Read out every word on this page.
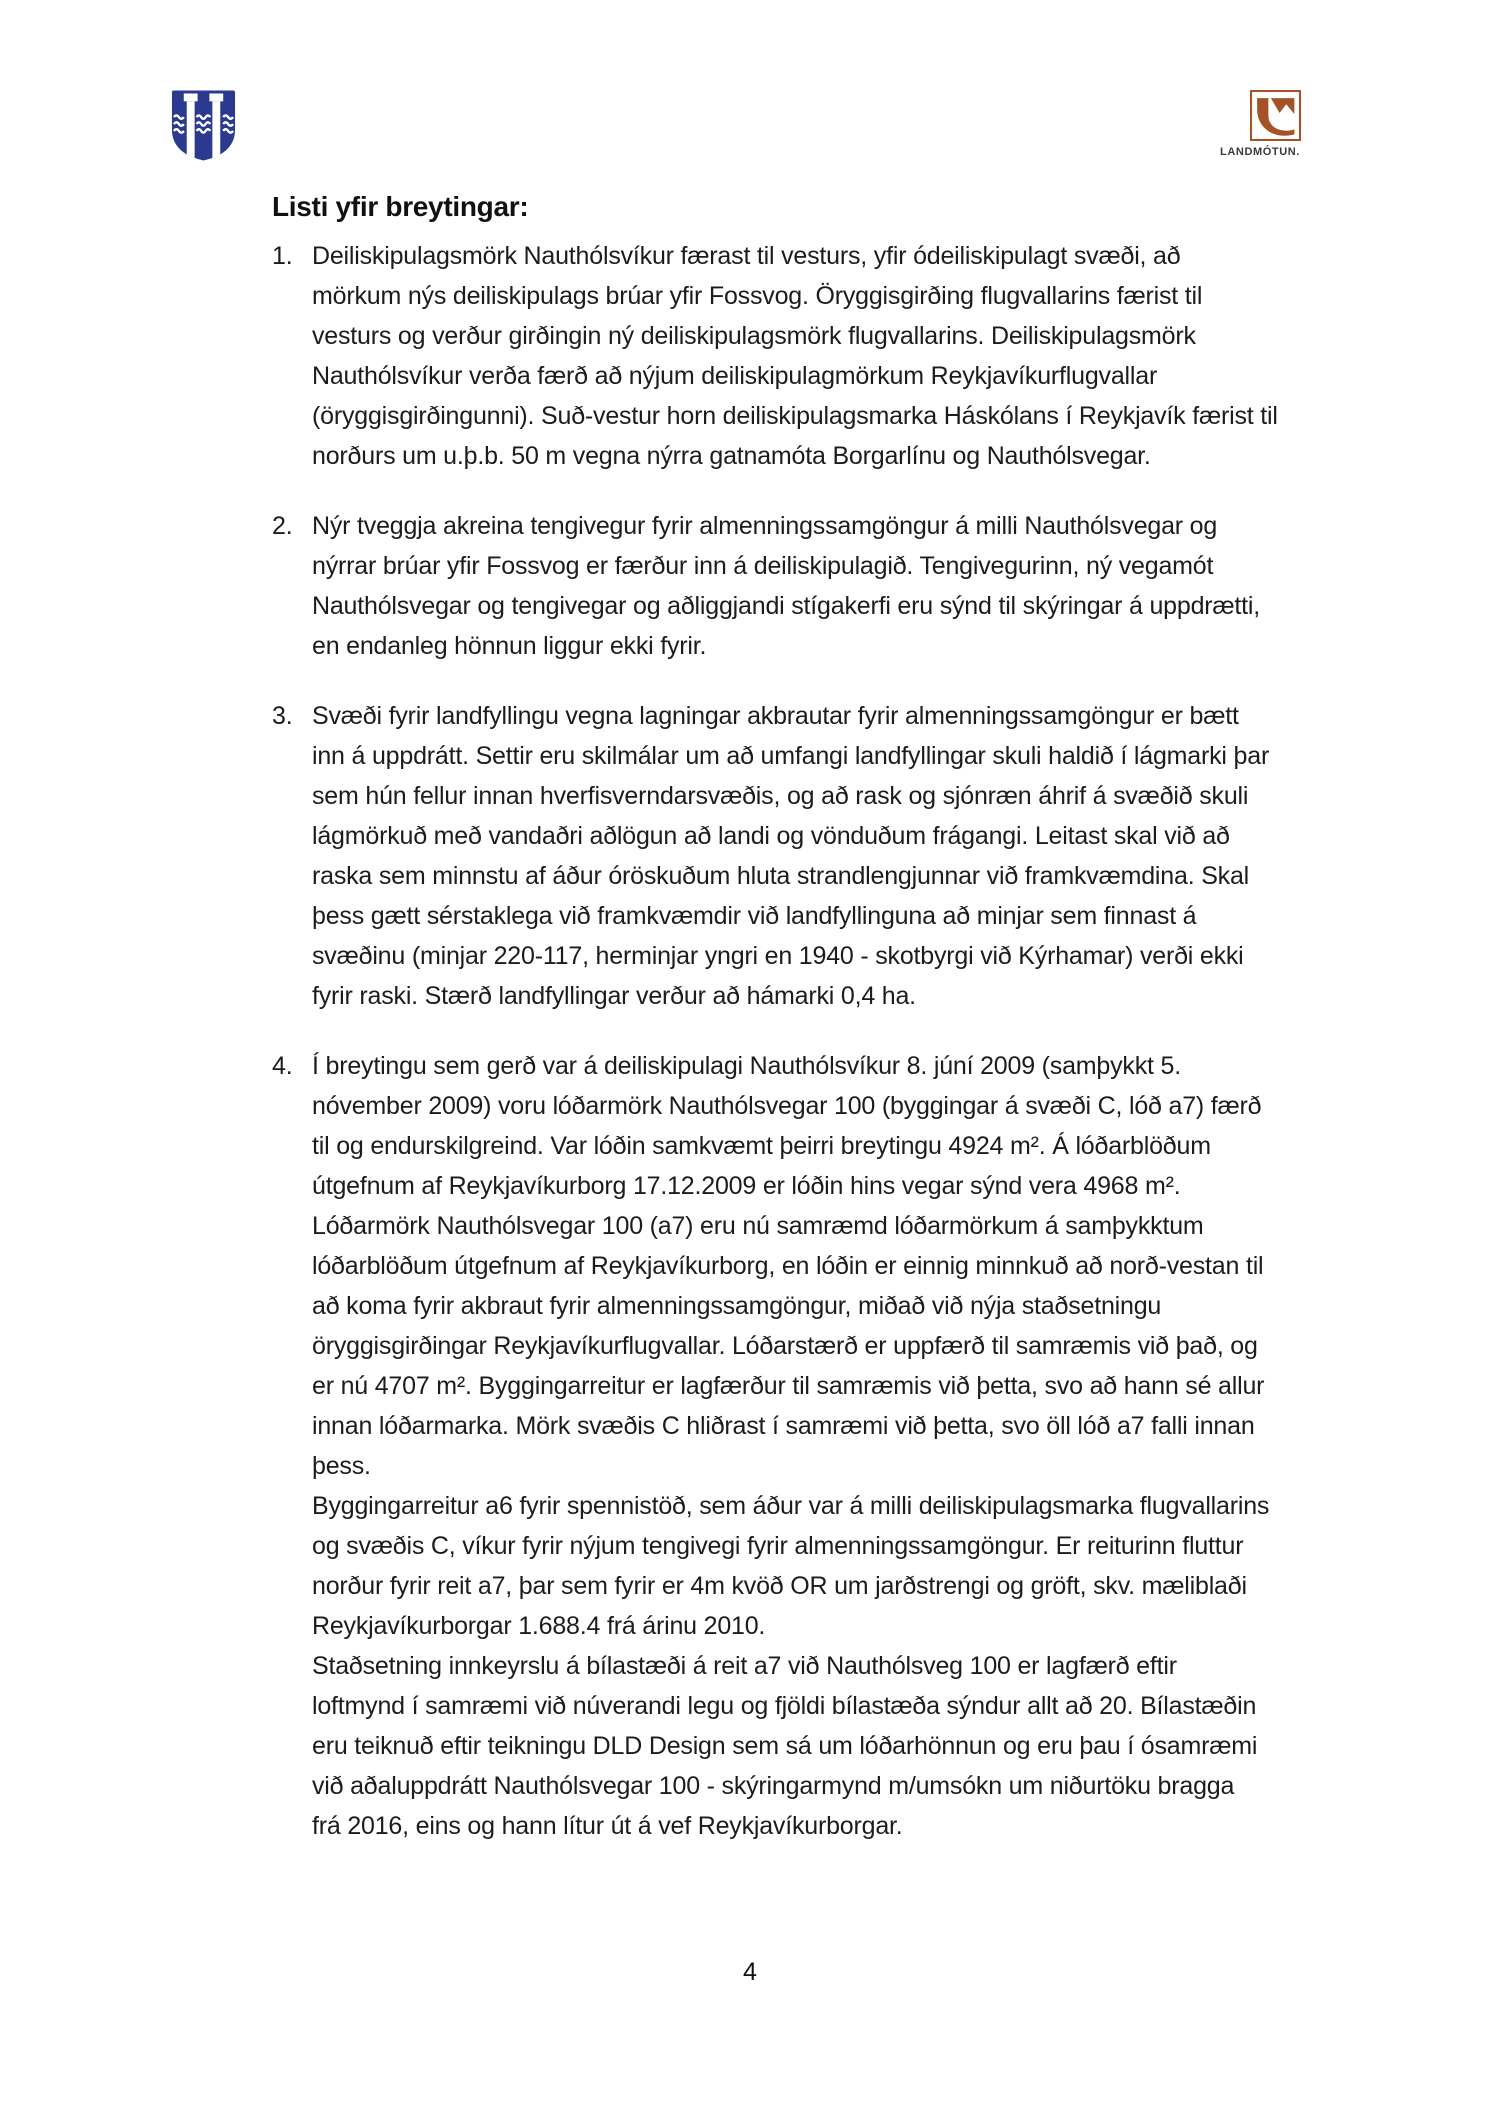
LANDMÓTUN.
Listi yfir breytingar:
1. Deiliskipulagsmörk Nauthólsvíkur færast til vesturs, yfir ódeiliskipulagt svæði, að
mörkum nýs deiliskipulags brúar yfir Fossvog. Öryggisgirðing flugvallarins færist til
vesturs og verður girðingin ný deiliskipulagsmörk flugvallarins. Deiliskipulagsmörk
Nauthólsvíkur verða færð að nýjum deiliskipulagmörkum Reykjavíkurflugvallar
(öryggisgirðingunni). Suð-vestur horn deiliskipulagsmarka Háskólans í Reykjavík færist til
norðurs um u.þ.b. 50 m vegna nýrra gatnamóta Borgarlínu og Nauthólsvegar.
2. Nýr tveggja akreina tengivegur fyrir almenningssamgöngur á milli Nauthólsvegar og
nýrrar brúar yfir Fossvog er færður inn á deiliskipulagið. Tengivegurinn, ný vegamót
Nauthólsvegar og tengivegar og aðliggjandi stígakerfi eru sýnd til skýringar á uppdrætti,
en endanleg hönnun liggur ekki fyrir.
3. Svæði fyrir landfyllingu vegna lagningar akbrautar fyrir almenningssamgöngur er bætt
inn á uppdrátt. Settir eru skilmálar um að umfangi landfyllingar skuli haldið í lágmarki þar
sem hún fellur innan hverfisverndarsvæðis, og að rask og sjónræn áhrif á svæðið skuli
lágmörkuð með vandaðri aðlögun að landi og vönduðum frágangi. Leitast skal við að
raska sem minnstu af áður óröskuðum hluta strandlengjunnar við framkvæmdina. Skal
þess gætt sérstaklega við framkvæmdir við landfyllinguna að minjar sem finnast á
svæðinu (minjar 220-117, herminjar yngri en 1940 - skotbyrgi við Kýrhamar) verði ekki
fyrir raski. Stærð landfyllingar verður að hámarki 0,4 ha.
4. Í breytingu sem gerð var á deiliskipulagi Nauthólsvíkur 8. júní 2009 (samþykkt 5.
nóvember 2009) voru lóðarmörk Nauthólsvegar 100 (byggingar á svæði C, lóð a7) færð
til og endurskilgreind. Var lóðin samkvæmt þeirri breytingu 4924 m². Á lóðarblöðum
útgefnum af Reykjavíkurborg 17.12.2009 er lóðin hins vegar sýnd vera 4968 m².
Lóðarmörk Nauthólsvegar 100 (a7) eru nú samræmd lóðarmörkum á samþykktum
lóðarblöðum útgefnum af Reykjavíkurborg, en lóðin er einnig minnkuð að norð-vestan til
að koma fyrir akbraut fyrir almenningssamgöngur, miðað við nýja staðsetningu
öryggisgirðingar Reykjavíkurflugvallar. Lóðarstærð er uppfærð til samræmis við það, og
er nú 4707 m². Byggingarreitur er lagfærður til samræmis við þetta, svo að hann sé allur
innan lóðarmarka. Mörk svæðis C hliðrast í samræmi við þetta, svo öll lóð a7 falli innan
þess.
Byggingarreitur a6 fyrir spennistöð, sem áður var á milli deiliskipulagsmarka flugvallarins
og svæðis C, víkur fyrir nýjum tengivegi fyrir almenningssamgöngur. Er reiturinn fluttur
norður fyrir reit a7, þar sem fyrir er 4m kvöð OR um jarðstrengi og gröft, skv. mæliblaði
Reykjavíkurborgar 1.688.4 frá árinu 2010.
Staðsetning innkeyrslu á bílastæði á reit a7 við Nauthólsveg 100 er lagfærð eftir
loftmynd í samræmi við núverandi legu og fjöldi bílastæða sýndur allt að 20. Bílastæðin
eru teiknuð eftir teikningu DLD Design sem sá um lóðarhönnun og eru þau í ósamræmi
við aðaluppdrátt Nauthólsvegar 100 - skýringarmynd m/umsókn um niðurtöku bragga
frá 2016, eins og hann lítur út á vef Reykjavíkurborgar.
4
